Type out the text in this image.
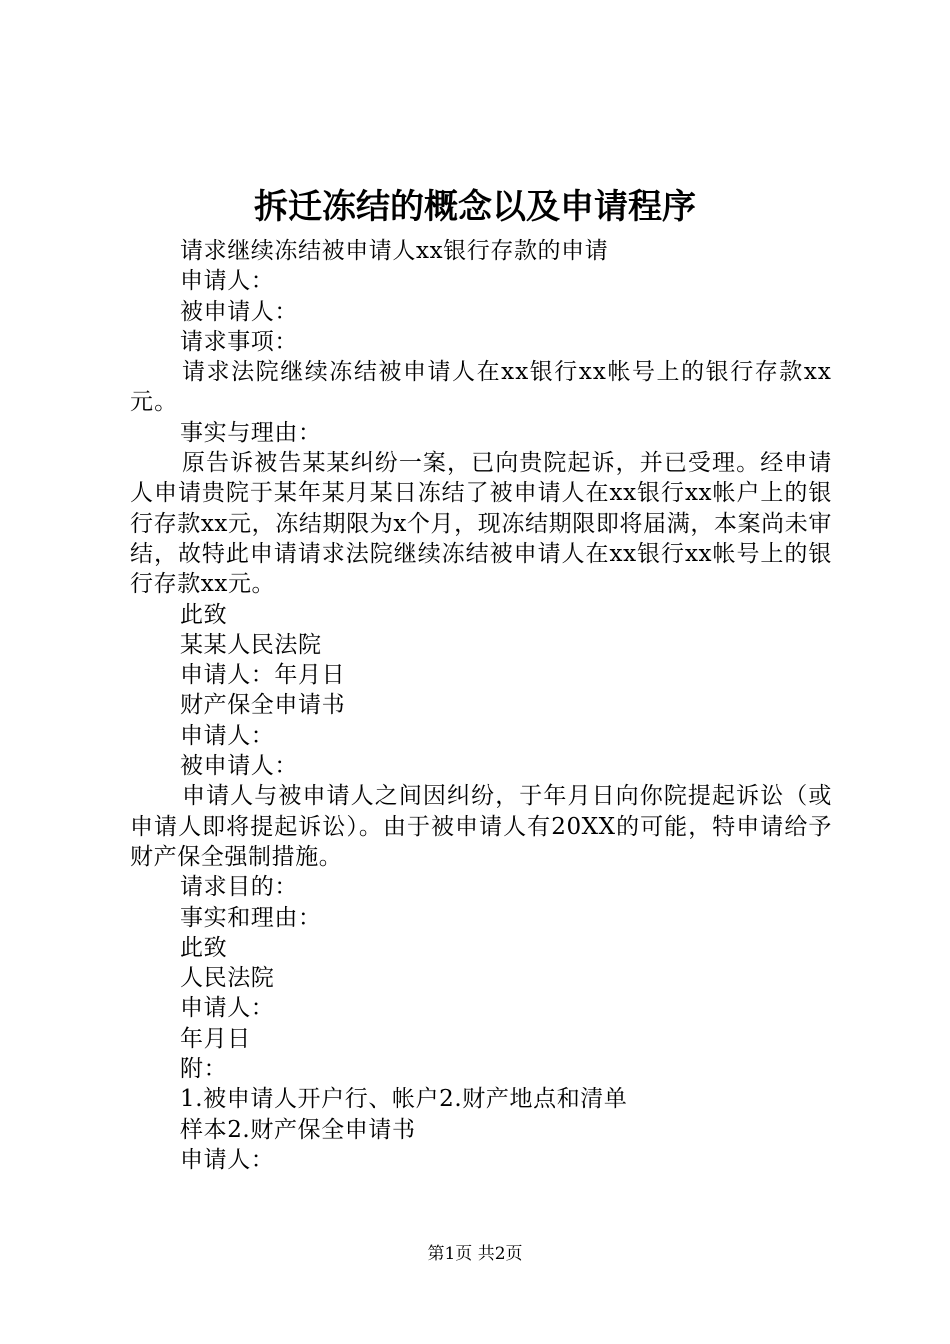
拆迁冻结的概念以及申请程序
请求继续冻结被申请人xx银行存款的申请
申请人：
被申请人：
请求事项：
请求法院继续冻结被申请人在xx银行xx帐号上的银行存款xx元。
事实与理由：
原告诉被告某某纠纷一案，已向贵院起诉，并已受理。经申请人申请贵院于某年某月某日冻结了被申请人在xx银行xx帐户上的银行存款xx元，冻结期限为x个月，现冻结期限即将届满，本案尚未审结，故特此申请请求法院继续冻结被申请人在xx银行xx帐号上的银行存款xx元。
此致
某某人民法院
申请人：年月日
财产保全申请书
申请人：
被申请人：
申请人与被申请人之间因纠纷，于年月日向你院提起诉讼（或申请人即将提起诉讼）。由于被申请人有20XX的可能，特申请给予财产保全强制措施。
请求目的：
事实和理由：
此致
人民法院
申请人：
年月日
附：
1.被申请人开户行、帐户2.财产地点和清单
样本2.财产保全申请书
申请人：
第1页 共2页
